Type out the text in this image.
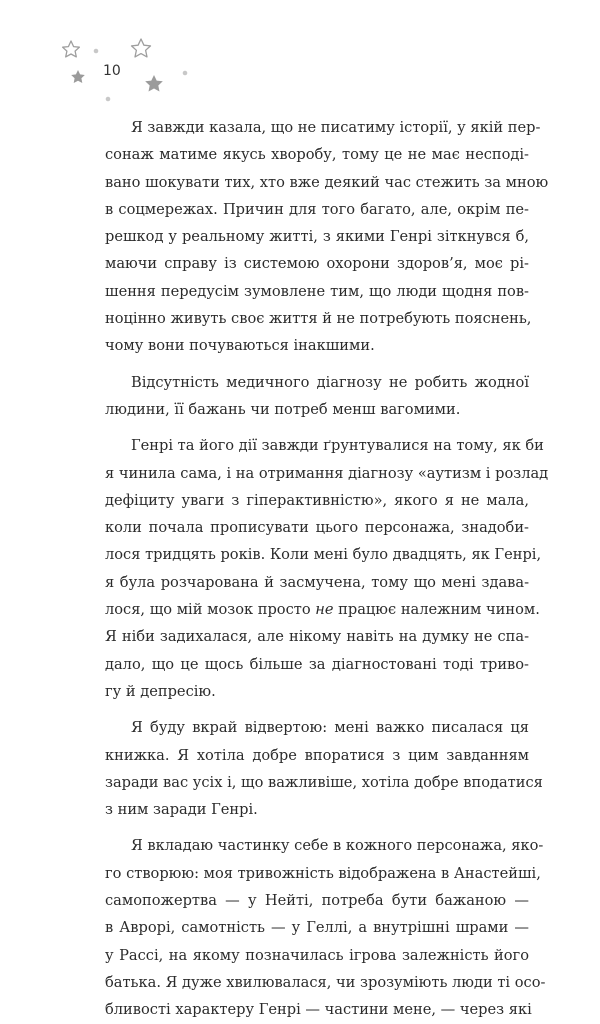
10
Я завжди казала, що не писатиму історії, у якій пер-
сонаж матиме якусь хворобу, тому це не має несподі-
вано шокувати тих, хто вже деякий час стежить за мною
в соцмережах. Причин для того багато, але, окрім пе-
решкод у реальному житті, з якими Генрі зіткнувся б,
маючи справу із системою охорони здоров’я, моє рі-
шення передусім зумовлене тим, що люди щодня пов-
ноцінно живуть своє життя й не потребують пояснень,
чому вони почуваються інакшими.
Відсутність медичного діагнозу не робить жодної
людини, її бажань чи потреб менш вагомими.
Генрі та його дії завжди ґрунтувалися на тому, як би
я чинила сама, і на отримання діагнозу «аутизм і розлад
дефіциту уваги з гіперактивністю», якого я не мала,
коли почала прописувати цього персонажа, знадоби-
лося тридцять років. Коли мені було двадцять, як Генрі,
я була розчарована й засмучена, тому що мені здава-
лося, що мій мозок просто не працює належним чином.
Я ніби задихалася, але нікому навіть на думку не спа-
дало, що це щось більше за діагностовані тоді триво-
гу й депресію.
Я буду вкрай відвертою: мені важко писалася ця
книжка. Я хотіла добре впоратися з цим завданням
заради вас усіх і, що важливіше, хотіла добре вподатися
з ним заради Генрі.
Я вкладаю частинку себе в кожного персонажа, яко-
го створюю: моя тривожність відображена в Анастейші,
самопожертва — у Нейті, потреба бути бажаною —
в Аврорі, самотність — у Геллі, а внутрішні шрами —
у Рассі, на якому позначилась ігрова залежність його
батька. Я дуже хвилювалася, чи зрозуміють люди ті осо-
бливості характеру Генрі — частини мене, — через які
